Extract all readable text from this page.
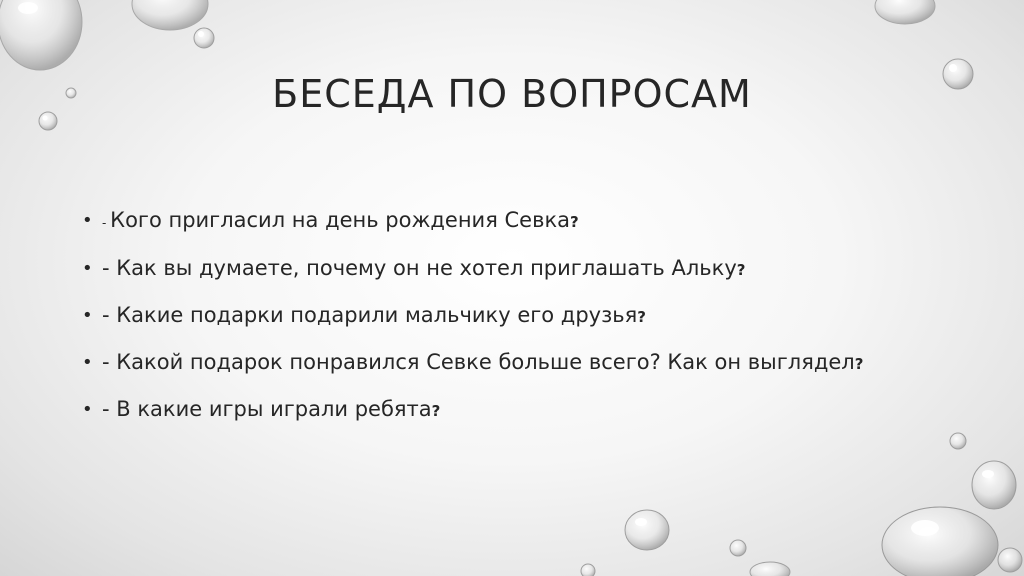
БЕСЕДА ПО ВОПРОСАМ
• - Кого пригласил на день рождения Севка?
• - Как вы думаете, почему он не хотел приглашать Альку?
• - Какие подарки подарили мальчику его друзья?
• - Какой подарок понравился Севке больше всего? Как он выглядел?
• - В какие игры играли ребята?
